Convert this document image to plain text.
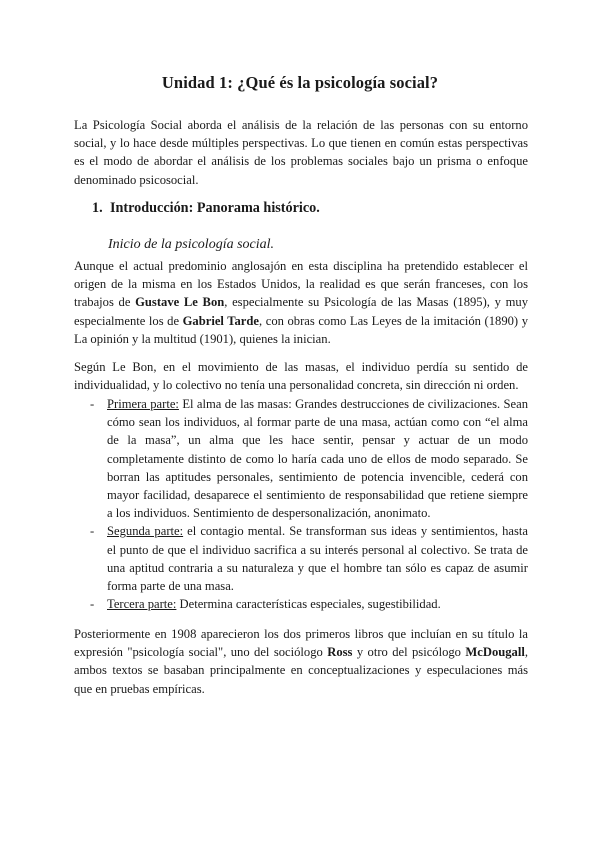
Unidad 1: ¿Qué és la psicología social?

La Psicología Social aborda el análisis de la relación de las personas con su entorno social, y lo hace desde múltiples perspectivas. Lo que tienen en común estas perspectivas es el modo de abordar el análisis de los problemas sociales bajo un prisma o enfoque denominado psicosocial.

1. Introducción: Panorama histórico.
Inicio de la psicología social.

Aunque el actual predominio anglosajón en esta disciplina ha pretendido establecer el origen de la misma en los Estados Unidos, la realidad es que serán franceses, con los trabajos de Gustave Le Bon, especialmente su Psicología de las Masas (1895), y muy especialmente los de Gabriel Tarde, con obras como Las Leyes de la imitación (1890) y La opinión y la multitud (1901), quienes la inician.

Según Le Bon, en el movimiento de las masas, el individuo perdía su sentido de individualidad, y lo colectivo no tenía una personalidad concreta, sin dirección ni orden.

- Primera parte: El alma de las masas: Grandes destrucciones de civilizaciones. Sean cómo sean los individuos, al formar parte de una masa, actúan como con “el alma de la masa”, un alma que les hace sentir, pensar y actuar de un modo completamente distinto de como lo haría cada uno de ellos de modo separado. Se borran las aptitudes personales, sentimiento de potencia invencible, cederá con mayor facilidad, desaparece el sentimiento de responsabilidad que retiene siempre a los individuos. Sentimiento de despersonalización, anonimato.
- Segunda parte: el contagio mental. Se transforman sus ideas y sentimientos, hasta el punto de que el individuo sacrifica a su interés personal al colectivo. Se trata de una aptitud contraria a su naturaleza y que el hombre tan sólo es capaz de asumir forma parte de una masa.
- Tercera parte: Determina características especiales, sugestibilidad.

Posteriormente en 1908 aparecieron los dos primeros libros que incluían en su título la expresión "psicología social", uno del sociólogo Ross y otro del psicólogo McDougall, ambos textos se basaban principalmente en conceptualizaciones y especulaciones más que en pruebas empíricas.
